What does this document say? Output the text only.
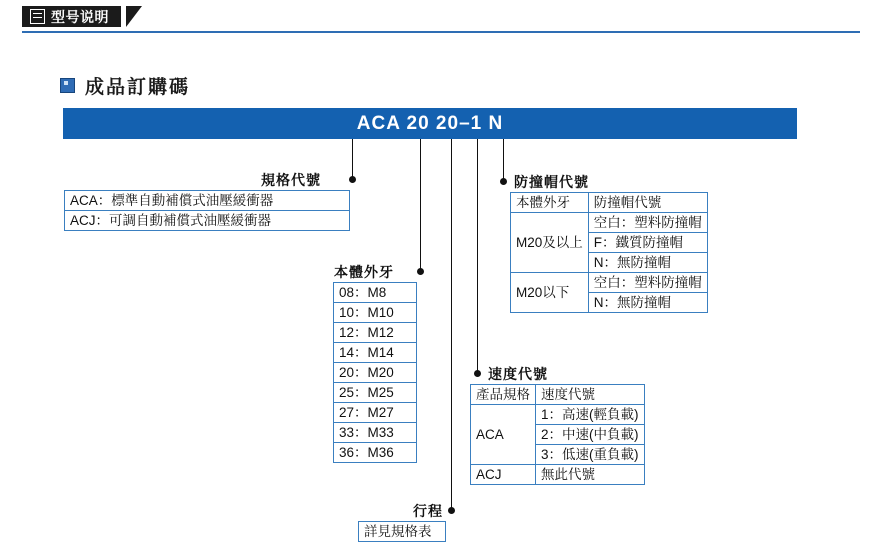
型号说明
成品訂購碼
ACA 20 20–1 N
規格代號
ACA：標準自動補償式油壓緩衝器
ACJ：可調自動補償式油壓緩衝器
本體外牙
08：M8
10：M10
12：M12
14：M14
20：M20
25：M25
27：M27
33：M33
36：M36
行程
詳見規格表
防撞帽代號
本體外牙	防撞帽代號
M20及以上	空白：塑料防撞帽
	F：鐵質防撞帽
	N：無防撞帽
M20以下	空白：塑料防撞帽
	N：無防撞帽
速度代號
產品規格	速度代號
ACA	1：高速(輕負載)
	2：中速(中負載)
	3：低速(重負載)
ACJ	無此代號
